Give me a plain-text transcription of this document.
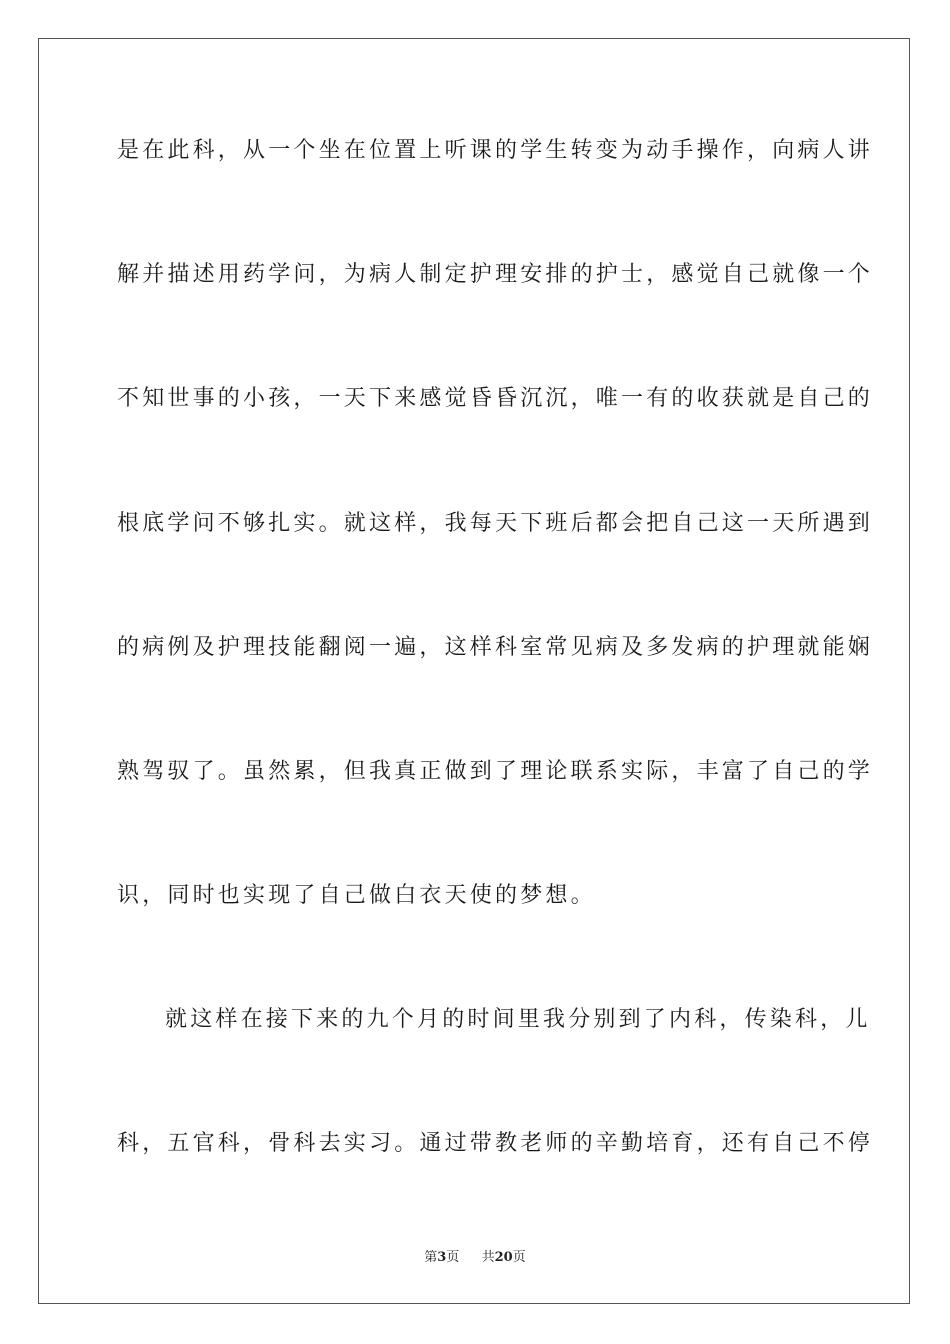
是在此科，从一个坐在位置上听课的学生转变为动手操作，向病人讲
解并描述用药学问，为病人制定护理安排的护士，感觉自己就像一个
不知世事的小孩，一天下来感觉昏昏沉沉，唯一有的收获就是自己的
根底学问不够扎实。就这样，我每天下班后都会把自己这一天所遇到
的病例及护理技能翻阅一遍，这样科室常见病及多发病的护理就能娴
熟驾驭了。虽然累，但我真正做到了理论联系实际，丰富了自己的学
识，同时也实现了自己做白衣天使的梦想。
就这样在接下来的九个月的时间里我分别到了内科，传染科，儿
科，五官科，骨科去实习。通过带教老师的辛勤培育，还有自己不停
第3页 共20页
